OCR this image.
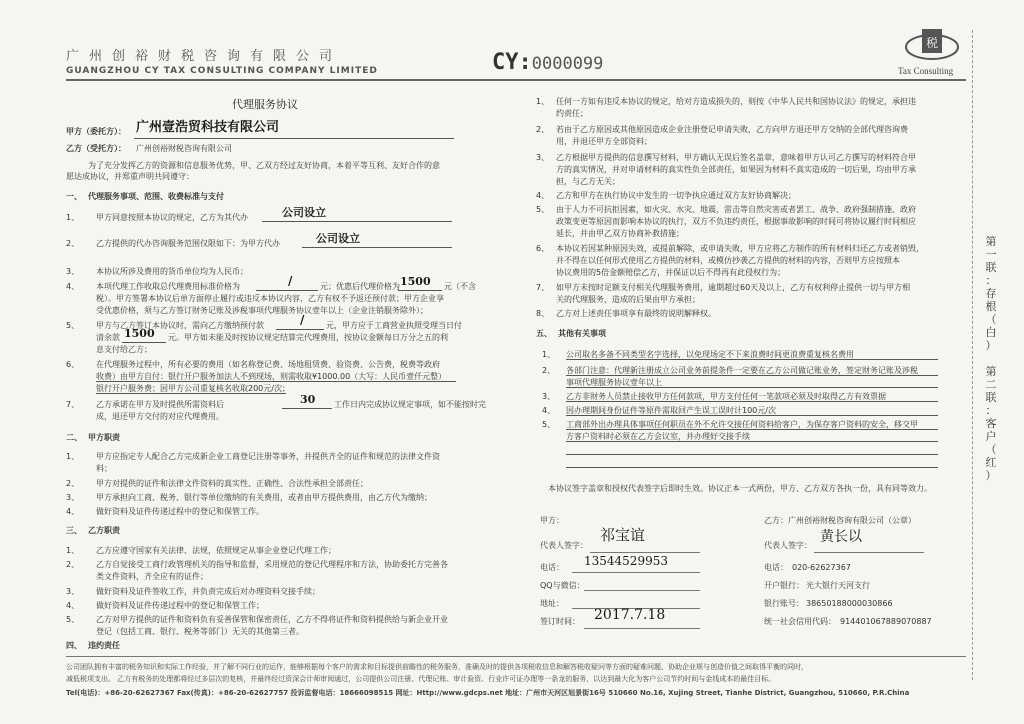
广州创裕财税咨询有限公司
GUANGZHOU CY TAX CONSULTING COMPANY LIMITED	CY:0000099
税
Tax Consulting
代理服务协议
甲方（委托方）： 广州壹浩贸科技有限公司
乙方（受托方）： 广州创裕财税咨询有限公司
为了充分发挥乙方的资源和信息服务优势，甲、乙双方经过友好协商，本着平等互利、友好合作的意
愿达成协议，并郑重声明共同遵守：
一、 代理服务事项、范围、收费标准与支付
1、 甲方同意按照本协议的规定，乙方为其代办	公司设立
2、 乙方提供的代办咨询服务范围仅限如下：为甲方代办	公司设立
3、 本协议所涉及费用的货币单位均为人民币；
4、 本项代理工作收取总代理费用标准价格为	/	元；优惠后代理价格为 1500 元（不含
税）。甲方签署本协议后单方面停止履行或违反本协议内容，乙方有权不予返还预付款；甲方企业享
受优惠价格，须与乙方签订财务记账及涉税事项代理服务协议壹年以上（企业注销服务除外）；
5、 甲方与乙方签订本协议时，需向乙方缴纳预付款	/	元，甲方应于工商营业执照受理当日付
清余款 1500 元。甲方如未能及时按协议规定结算完代理费用，按协议金额每日万分之五的利
息支付给乙方；
6、 在代理服务过程中，所有必要的费用（如名称登记费、场地租赁费、验资费、公告费，税费等政府
收费）由甲方自付：银行开户服务加法人不到现场，则需收取¥1000.00（大写：人民币壹仟元整）
银行开户服务费；因甲方公司重复核名收取200元/次；
7、 乙方承诺在甲方及时提供所需资料后	30 工作日内完成协议规定事项，如不能按时完
成，退还甲方交付的对应代理费用。
二、 甲方职责
1、 甲方应指定专人配合乙方完成新企业工商登记注册等事务，并提供齐全的证件和规范的法律文件资
料；
2、 甲方对提供的证件和法律文件资料的真实性、正确性、合法性承担全部责任；
3、 甲方承担向工商、税务、银行等单位缴纳的有关费用，或者由甲方提供费用，由乙方代为缴纳；
4、 做好资料及证件传递过程中的登记和保管工作。
三、 乙方职责
1、 乙方应遵守国家有关法律、法规，依照规定从事企业登记代理工作；
2、 乙方自觉接受工商行政管理机关的指导和监督，采用规范的登记代理程序和方法，协助委托方完善各
类文件资料，齐全应有的证件；
3、 做好资料及证件签收工作，并负责完成后对办理资料交接手续；
4、 做好资料及证件传递过程中的登记和保管工作；
5、 乙方对甲方提供的证件和资料负有妥善保管和保密责任，乙方不得将证件和资料提供给与新企业开业
登记（包括工商、银行、税务等部门）无关的其他第三者。
四、 违约责任
1、 任何一方如有违反本协议的规定，给对方造成损失的，则按《中华人民共和国协议法》的规定，承担违
约责任；
2、 若由于乙方原因或其他原因造成企业注册登记申请失败，乙方向甲方退还甲方交纳的全部代理咨询费
用，并退还甲方全部资料；
3、 乙方根据甲方提供的信息撰写材料，甲方确认无误后签名盖章，意味着甲方认可乙方撰写的材料符合甲
方的真实情况，并对申请材料的真实性负全部责任，如果因为材料不真实造成的一切后果，均由甲方承
担，与乙方无关；
4、 乙方和甲方在执行协议中发生的一切争执应通过双方友好协商解决；
5、 由于人力不可抗拒因素，如火灾、水灾、地震、雷击等自然灾害或者罢工、战争、政府强制措施、政府
政策变更等原因而影响本协议的执行，双方不负违约责任，根据事故影响的时间可将协议履行时间相应
延长，并由甲乙双方协商补救措施；
6、 本协议若因某种原因失效，或提前解除，或申请失败，甲方应将乙方制作的所有材料归还乙方或者销毁，
并不得在以任何形式使用乙方提供的材料，或模仿抄袭乙方提供的材料的内容，否则甲方应按照本
协议费用的5倍金额赔偿乙方，并保证以后不得再有此侵权行为；
7、 如甲方未按时足额支付相关代理服务费用，逾期超过60天及以上，乙方有权利停止提供一切与甲方相
关的代理服务，造成的后果由甲方承担；
8、 乙方对上述责任事项享有最终的说明解释权。
五、 其他有关事项
1、 公司取名多备不同类型名字选择，以免现场定不下来浪费时间更浪费重复核名费用
2、 各部门注意：代理新注册成立公司业务前提条件一定要在乙方公司做记账业务，签定财务记账及涉税
事项代理服务协议壹年以上
3、 乙方非财务人员禁止接收甲方任何款项，甲方支付任何一笔款项必须及时取得乙方有效票据
4、 因办理期间身份证件等原件需取回产生误工误时计100元/次
5、 工商部外出办理具体事项任何职员在外不允许交接任何资料给客户，为保存客户资料的安全，移交甲
方客户资料时必须在乙方会议室，并办理好交接手续
本协议签字盖章和授权代表签字后即时生效。协议正本一式两份，甲方、乙方双方各执一份，具有同等效力。
甲方：
代表人签字：
祁宝谊
电话： 13544529953
QQ与微信：
地址：
签订时间： 2017.7.18
乙方：广州创裕财税咨询有限公司（公章）
代表人签字：
黄长以
电话： 020-62627367
开户银行： 光大银行天河支行
银行账号： 38650188000030866
统一社会信用代码： 914401067889070887
第
一
联
：
存
根
（
白
）
第
二
联
：
客
户
（
红
）
公司团队拥有丰富的税务知识和实际工作经验，并了解不同行业的运作，能够根据每个客户的需求和目标提供前瞻性的税务服务，准确及时的提供各项税收信息和解答税收疑问等方面的疑难问题，协助企业规与创造价值之间取得平衡的同时，
减低税项支出。 乙方有税务的处理都将经过多层次的复核，并最终经过资深会计师审阅通过，公司提供公司注册、代理记账、审计验资、行业许可证办理等一条龙的服务，以达到最大化为客户公司节约时间与金钱成本的最佳目标。
Tel(电话)：+86-20-62627367 Fax(传真)：+86-20-62627757 投诉监督电话：18666098515 网址：Http://www.gdcps.net 地址：广州市天河区旭景街16号 510660 No.16, Xujing Street, Tianhe District, Guangzhou, 510660, P.R.China
